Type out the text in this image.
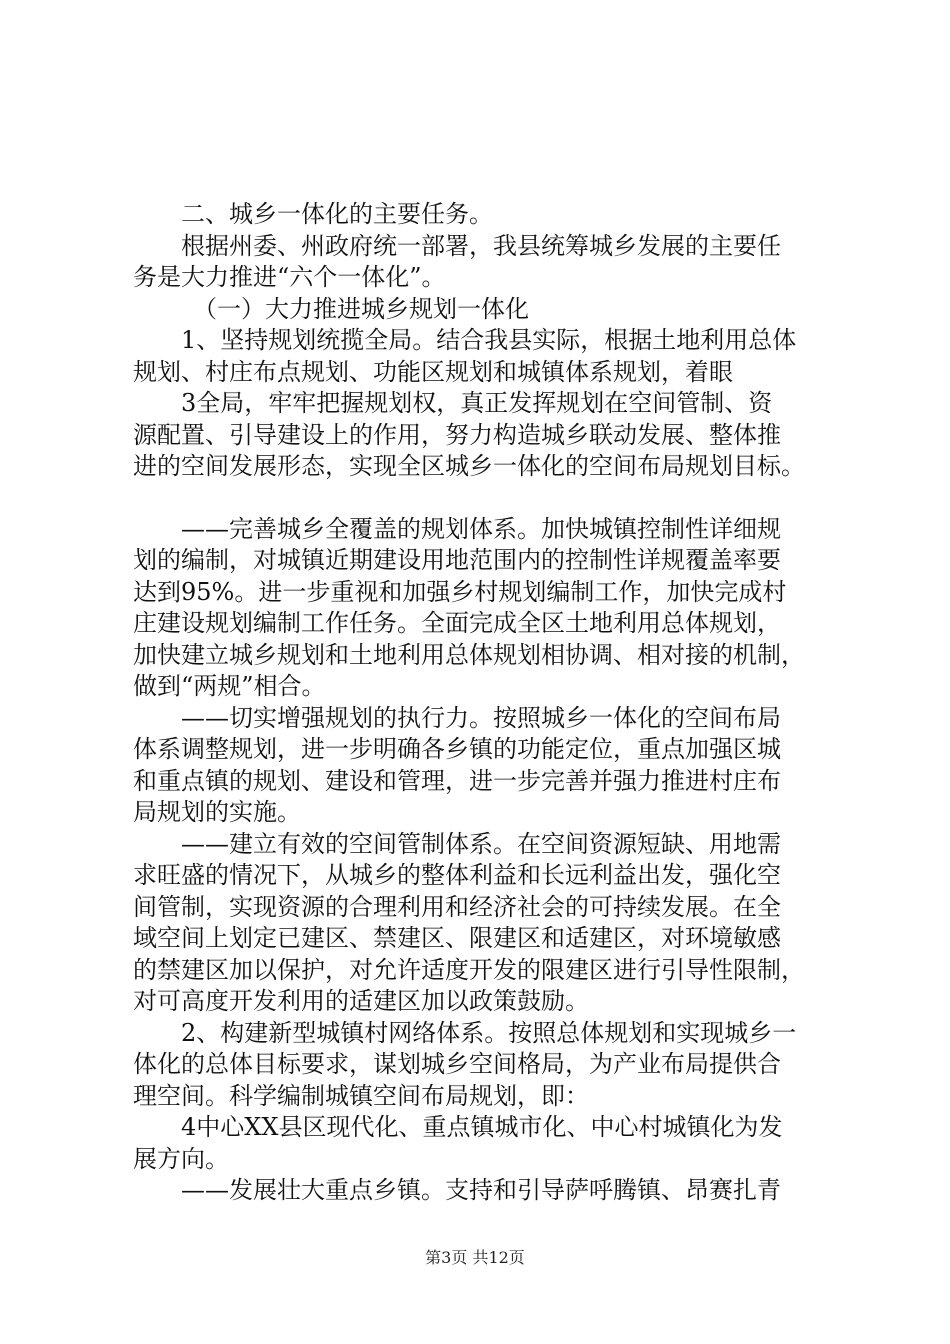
二、城乡一体化的主要任务。

根据州委、州政府统一部署，我县统筹城乡发展的主要任

务是大力推进“六个一体化”。

（一）大力推进城乡规划一体化

1、坚持规划统揽全局。结合我县实际，根据土地利用总体

规划、村庄布点规划、功能区规划和城镇体系规划，着眼

3全局，牢牢把握规划权，真正发挥规划在空间管制、资

源配置、引导建设上的作用，努力构造城乡联动发展、整体推

进的空间发展形态，实现全区城乡一体化的空间布局规划目标。

——完善城乡全覆盖的规划体系。加快城镇控制性详细规

划的编制，对城镇近期建设用地范围内的控制性详规覆盖率要

达到95%。进一步重视和加强乡村规划编制工作，加快完成村

庄建设规划编制工作任务。全面完成全区土地利用总体规划，

加快建立城乡规划和土地利用总体规划相协调、相对接的机制，

做到“两规”相合。

——切实增强规划的执行力。按照城乡一体化的空间布局

体系调整规划，进一步明确各乡镇的功能定位，重点加强区城

和重点镇的规划、建设和管理，进一步完善并强力推进村庄布

局规划的实施。

——建立有效的空间管制体系。在空间资源短缺、用地需

求旺盛的情况下，从城乡的整体利益和长远利益出发，强化空

间管制，实现资源的合理利用和经济社会的可持续发展。在全

域空间上划定已建区、禁建区、限建区和适建区，对环境敏感

的禁建区加以保护，对允许适度开发的限建区进行引导性限制，

对可高度开发利用的适建区加以政策鼓励。

2、构建新型城镇村网络体系。按照总体规划和实现城乡一

体化的总体目标要求，谋划城乡空间格局，为产业布局提供合

理空间。科学编制城镇空间布局规划，即：

4中心XX县区现代化、重点镇城市化、中心村城镇化为发

展方向。

——发展壮大重点乡镇。支持和引导萨呼腾镇、昂赛扎青

第3页 共12页
